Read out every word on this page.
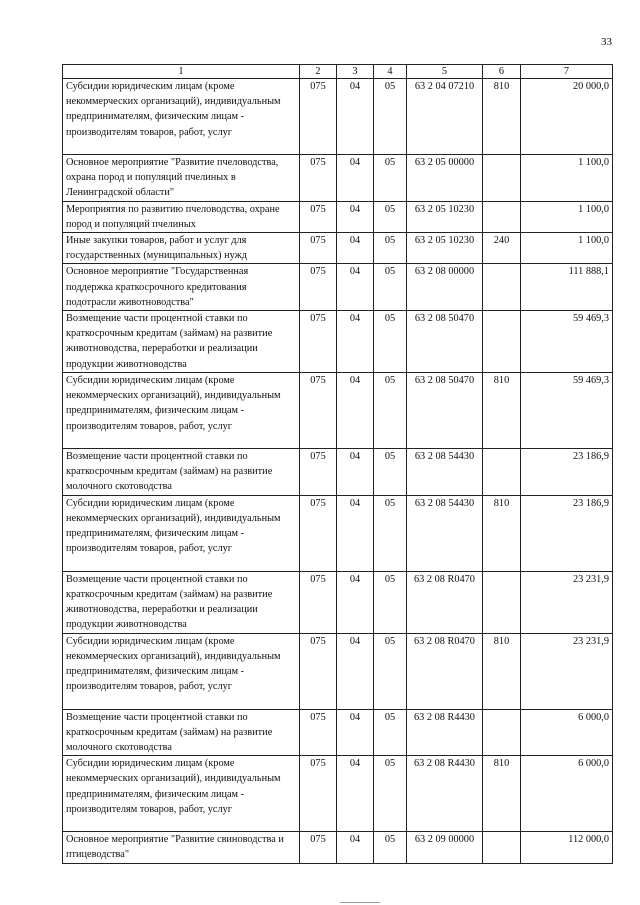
33
1	2	3	4	5	6	7
Субсидии юридическим лицам (кроме некоммерческих организаций), индивидуальным предпринимателям, физическим лицам - производителям товаров, работ, услуг	075	04	05	63 2 04 07210	810	20 000,0
Основное мероприятие "Развитие пчеловодства, охрана пород и популяций пчелиных в Ленинградской области"	075	04	05	63 2 05 00000		1 100,0
Мероприятия по развитию пчеловодства, охране пород и популяций пчелиных	075	04	05	63 2 05 10230		1 100,0
Иные закупки товаров, работ и услуг для государственных (муниципальных) нужд	075	04	05	63 2 05 10230	240	1 100,0
Основное мероприятие "Государственная поддержка краткосрочного кредитования подотрасли животноводства"	075	04	05	63 2 08 00000		111 888,1
Возмещение части процентной ставки по краткосрочным кредитам (займам) на развитие животноводства, переработки и реализации продукции животноводства	075	04	05	63 2 08 50470		59 469,3
Субсидии юридическим лицам (кроме некоммерческих организаций), индивидуальным предпринимателям, физическим лицам - производителям товаров, работ, услуг	075	04	05	63 2 08 50470	810	59 469,3
Возмещение части процентной ставки по краткосрочным кредитам (займам) на развитие молочного скотоводства	075	04	05	63 2 08 54430		23 186,9
Субсидии юридическим лицам (кроме некоммерческих организаций), индивидуальным предпринимателям, физическим лицам - производителям товаров, работ, услуг	075	04	05	63 2 08 54430	810	23 186,9
Возмещение части процентной ставки по краткосрочным кредитам (займам) на развитие животноводства, переработки и реализации продукции животноводства	075	04	05	63 2 08 R0470		23 231,9
Субсидии юридическим лицам (кроме некоммерческих организаций), индивидуальным предпринимателям, физическим лицам - производителям товаров, работ, услуг	075	04	05	63 2 08 R0470	810	23 231,9
Возмещение части процентной ставки по краткосрочным кредитам (займам) на развитие молочного скотоводства	075	04	05	63 2 08 R4430		6 000,0
Субсидии юридическим лицам (кроме некоммерческих организаций), индивидуальным предпринимателям, физическим лицам - производителям товаров, работ, услуг	075	04	05	63 2 08 R4430	810	6 000,0
Основное мероприятие "Развитие свиноводства и птицеводства"	075	04	05	63 2 09 00000		112 000,0
